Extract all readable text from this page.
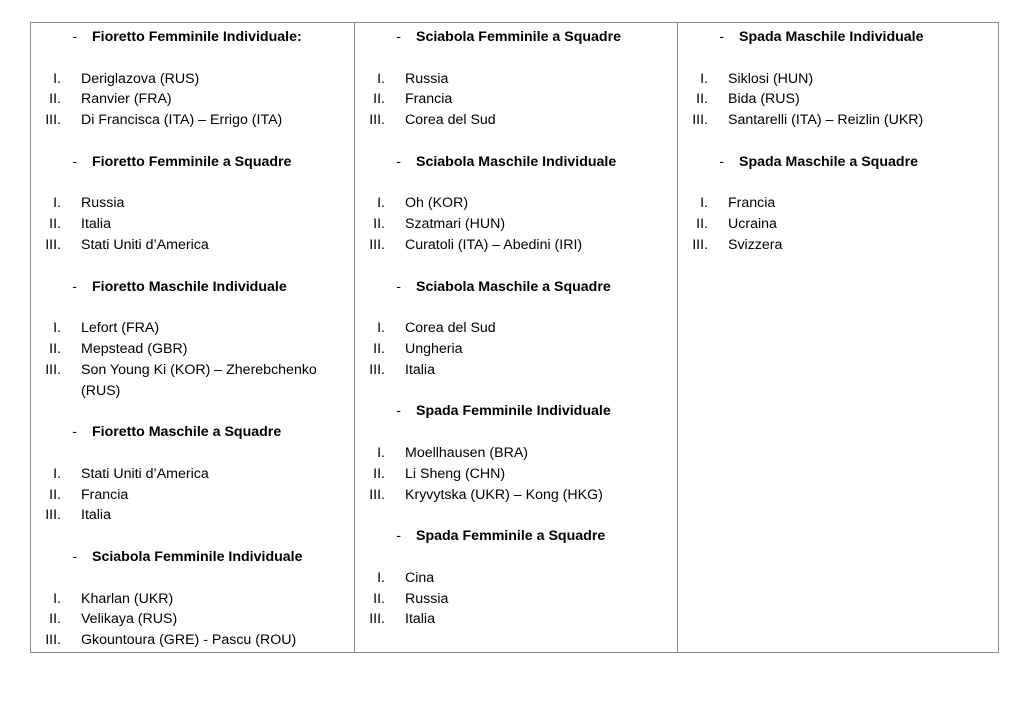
- Fioretto Femminile Individuale:
I. Deriglazova (RUS)
II. Ranvier (FRA)
III. Di Francisca (ITA) – Errigo (ITA)
- Fioretto Femminile a Squadre
I. Russia
II. Italia
III. Stati Uniti d’America
- Fioretto Maschile Individuale
I. Lefort (FRA)
II. Mepstead (GBR)
III. Son Young Ki (KOR) – Zherebchenko (RUS)
- Fioretto Maschile a Squadre
I. Stati Uniti d’America
II. Francia
III. Italia
- Sciabola Femminile Individuale
I. Kharlan (UKR)
II. Velikaya (RUS)
III. Gkountoura (GRE) - Pascu (ROU)
- Sciabola Femminile a Squadre
I. Russia
II. Francia
III. Corea del Sud
- Sciabola Maschile Individuale
I. Oh (KOR)
II. Szatmari (HUN)
III. Curatoli (ITA) – Abedini (IRI)
- Sciabola Maschile a Squadre
I. Corea del Sud
II. Ungheria
III. Italia
- Spada Femminile Individuale
I. Moellhausen (BRA)
II. Li Sheng (CHN)
III. Kryvytska (UKR) – Kong (HKG)
- Spada Femminile a Squadre
I. Cina
II. Russia
III. Italia
- Spada Maschile Individuale
I. Siklosi (HUN)
II. Bida (RUS)
III. Santarelli (ITA) – Reizlin (UKR)
- Spada Maschile a Squadre
I. Francia
II. Ucraina
III. Svizzera
